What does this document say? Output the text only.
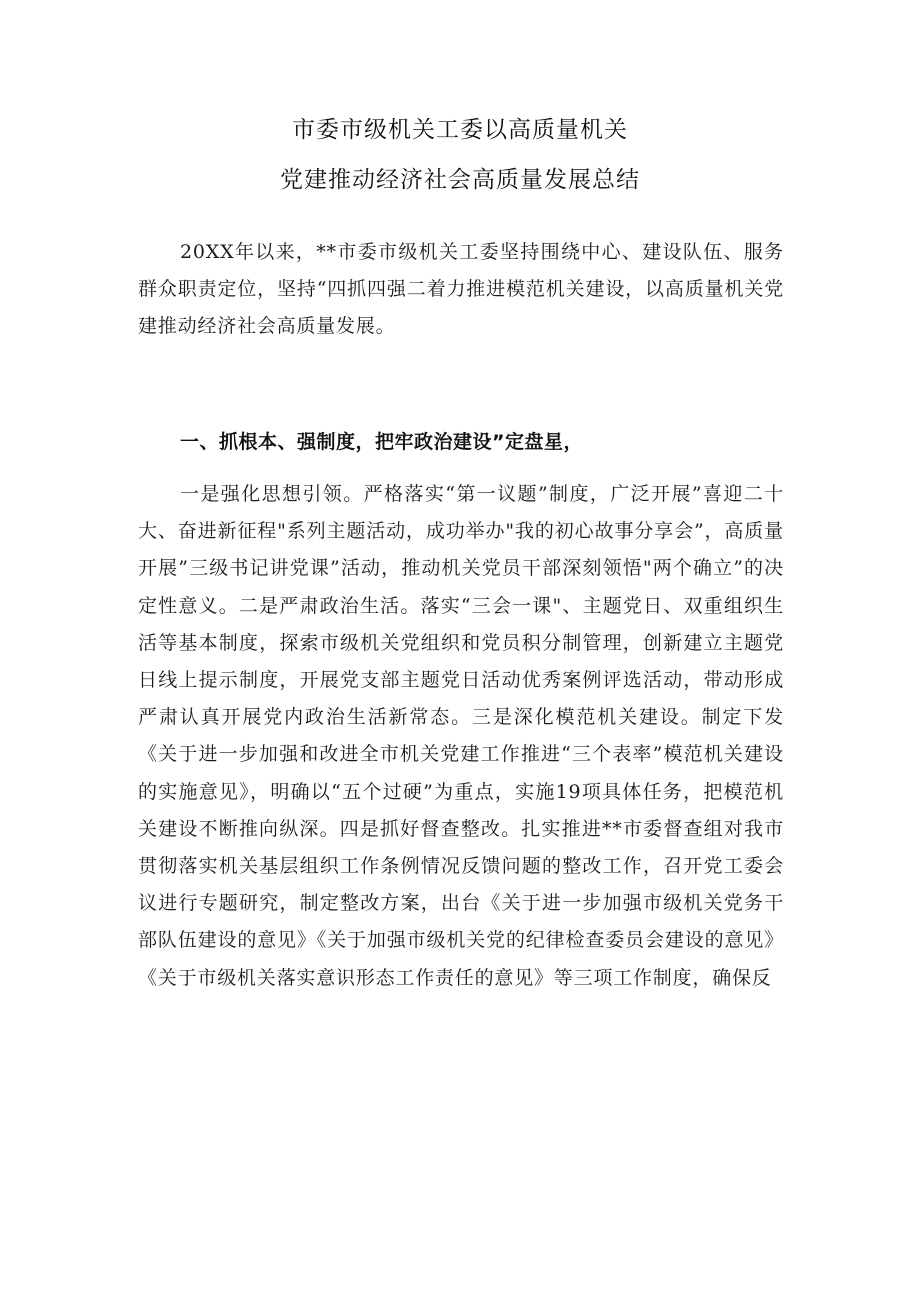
市委市级机关工委以高质量机关
党建推动经济社会高质量发展总结

20XX年以来，**市委市级机关工委坚持围绕中心、建设队伍、服务群众职责定位，坚持“四抓四强二着力推进模范机关建设，以高质量机关党建推动经济社会高质量发展。

一、抓根本、强制度，把牢政治建设”定盘星，

一是强化思想引领。严格落实“第一议题”制度，广泛开展”喜迎二十大、奋进新征程"系列主题活动，成功举办"我的初心故事分享会”，高质量开展”三级书记讲党课”活动，推动机关党员干部深刻领悟"两个确立”的决定性意义。二是严肃政治生活。落实“三会一课"、主题党日、双重组织生活等基本制度，探索市级机关党组织和党员积分制管理，创新建立主题党日线上提示制度，开展党支部主题党日活动优秀案例评选活动，带动形成严肃认真开展党内政治生活新常态。三是深化模范机关建设。制定下发《关于进一步加强和改进全市机关党建工作推进“三个表率”模范机关建设的实施意见》，明确以“五个过硬”为重点，实施19项具体任务，把模范机关建设不断推向纵深。四是抓好督查整改。扎实推进**市委督查组对我市贯彻落实机关基层组织工作条例情况反馈问题的整改工作，召开党工委会议进行专题研究，制定整改方案，出台《关于进一步加强市级机关党务干部队伍建设的意见》《关于加强市级机关党的纪律检查委员会建设的意见》《关于市级机关落实意识形态工作责任的意见》等三项工作制度，确保反
